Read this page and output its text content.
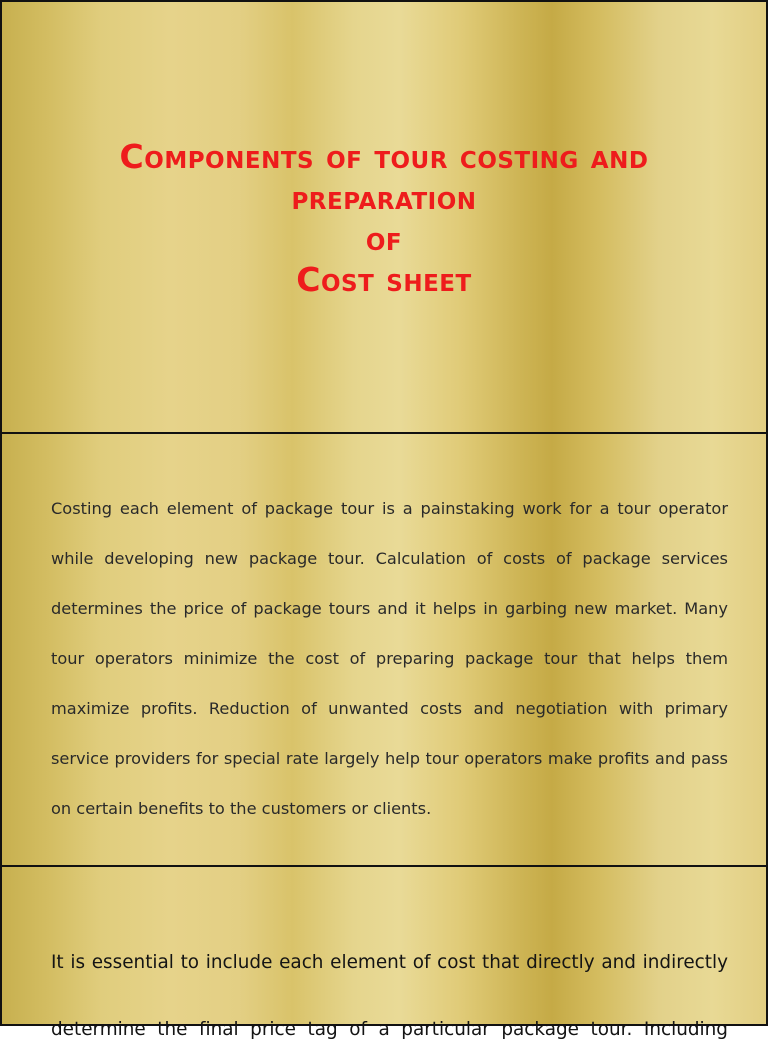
Components of tour costing and
preparation
of
Cost sheet

Costing each element of package tour is a painstaking work for a tour operator while developing new package tour. Calculation of costs of package services determines the price of package tours and it helps in garbing new market. Many tour operators minimize the cost of preparing package tour that helps them maximize profits. Reduction of unwanted costs and negotiation with primary service providers for special rate largely help tour operators make profits and pass on certain benefits to the customers or clients.

It is essential to include each element of cost that directly and indirectly determine the final price tag of a particular package tour. Including
